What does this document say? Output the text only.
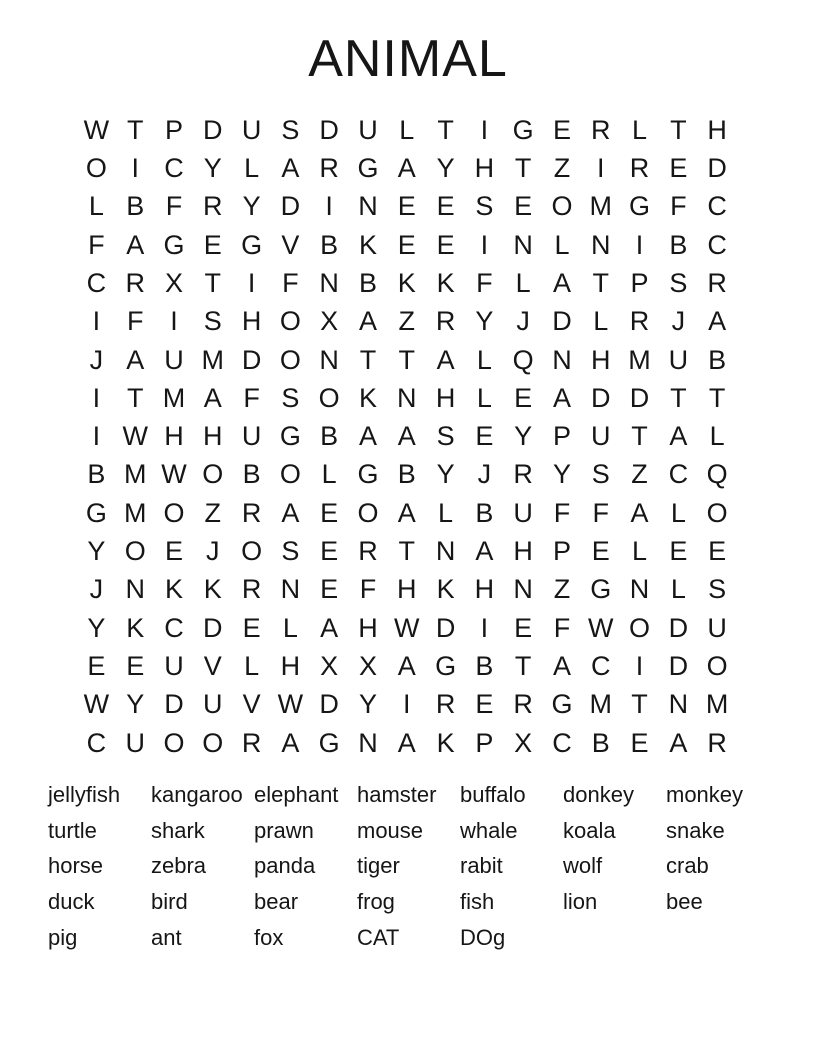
ANIMAL
W T P D U S D U L T I G E R L T H
O I C Y L A R G A Y H T Z I R E D
L B F R Y D I N E E S E O M G F C
F A G E G V B K E E I N L N I B C
C R X T I F N B K K F L A T P S R
I F I S H O X A Z R Y J D L R J A
J A U M D O N T T A L Q N H M U B
I T M A F S O K N H L E A D D T T
I W H H U G B A A S E Y P U T A L
B M W O B O L G B Y J R Y S Z C Q
G M O Z R A E O A L B U F F A L O
Y O E J O S E R T N A H P E L E E
J N K K R N E F H K H N Z G N L S
Y K C D E L A H W D I E F W O D U
E E U V L H X X A G B T A C I D O
W Y D U V W D Y I R E R G M T N M
C U O O R A G N A K P X C B E A R
jellyfish	kangaroo elephant hamster	buffalo	donkey	monkey
turtle	shark	prawn	mouse	whale	koala	snake
horse	zebra	panda	tiger	rabit	wolf	crab
duck	bird	bear	frog	fish	lion	bee
pig	ant	fox	CAT	DOg
